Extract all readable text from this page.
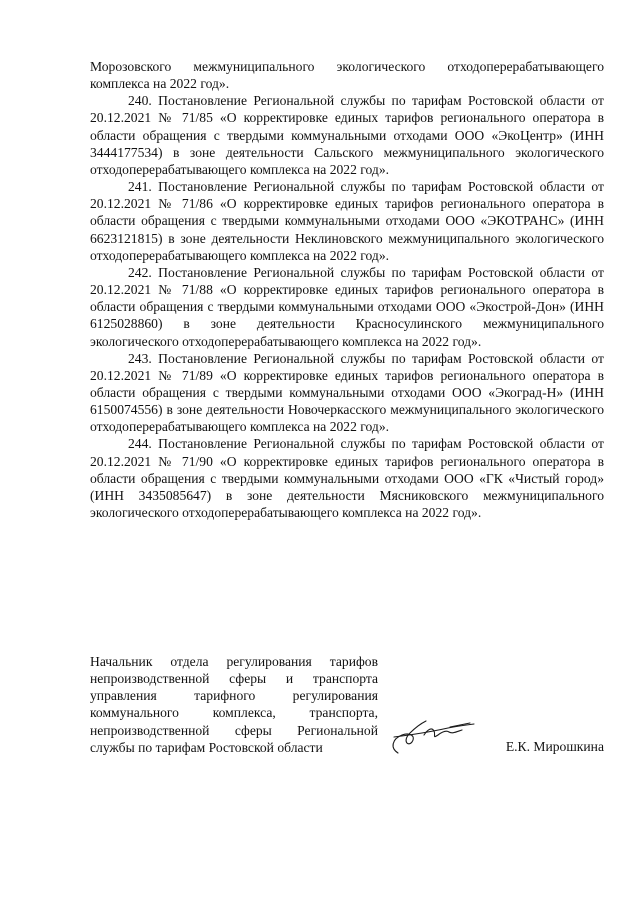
Морозовского межмуниципального экологического отходоперерабатывающего комплекса на 2022 год».

240. Постановление Региональной службы по тарифам Ростовской области от 20.12.2021 № 71/85 «О корректировке единых тарифов регионального оператора в области обращения с твердыми коммунальными отходами ООО «ЭкоЦентр» (ИНН 3444177534) в зоне деятельности Сальского межмуниципального экологического отходоперерабатывающего комплекса на 2022 год».

241. Постановление Региональной службы по тарифам Ростовской области от 20.12.2021 № 71/86 «О корректировке единых тарифов регионального оператора в области обращения с твердыми коммунальными отходами ООО «ЭКОТРАНС» (ИНН 6623121815) в зоне деятельности Неклиновского межмуниципального экологического отходоперерабатывающего комплекса на 2022 год».

242. Постановление Региональной службы по тарифам Ростовской области от 20.12.2021 № 71/88 «О корректировке единых тарифов регионального оператора в области обращения с твердыми коммунальными отходами ООО «Экострой-Дон» (ИНН 6125028860) в зоне деятельности Красносулинского межмуниципального экологического отходоперерабатывающего комплекса на 2022 год».

243. Постановление Региональной службы по тарифам Ростовской области от 20.12.2021 № 71/89 «О корректировке единых тарифов регионального оператора в области обращения с твердыми коммунальными отходами ООО «Экоград-Н» (ИНН 6150074556) в зоне деятельности Новочеркасского межмуниципального экологического отходоперерабатывающего комплекса на 2022 год».

244. Постановление Региональной службы по тарифам Ростовской области от 20.12.2021 № 71/90 «О корректировке единых тарифов регионального оператора в области обращения с твердыми коммунальными отходами ООО «ГК «Чистый город» (ИНН 3435085647) в зоне деятельности Мясниковского межмуниципального экологического отходоперерабатывающего комплекса на 2022 год».

Начальник отдела регулирования тарифов непроизводственной сферы и транспорта управления тарифного регулирования коммунального комплекса, транспорта, непроизводственной сферы Региональной службы по тарифам Ростовской области	Е.К. Мирошкина
